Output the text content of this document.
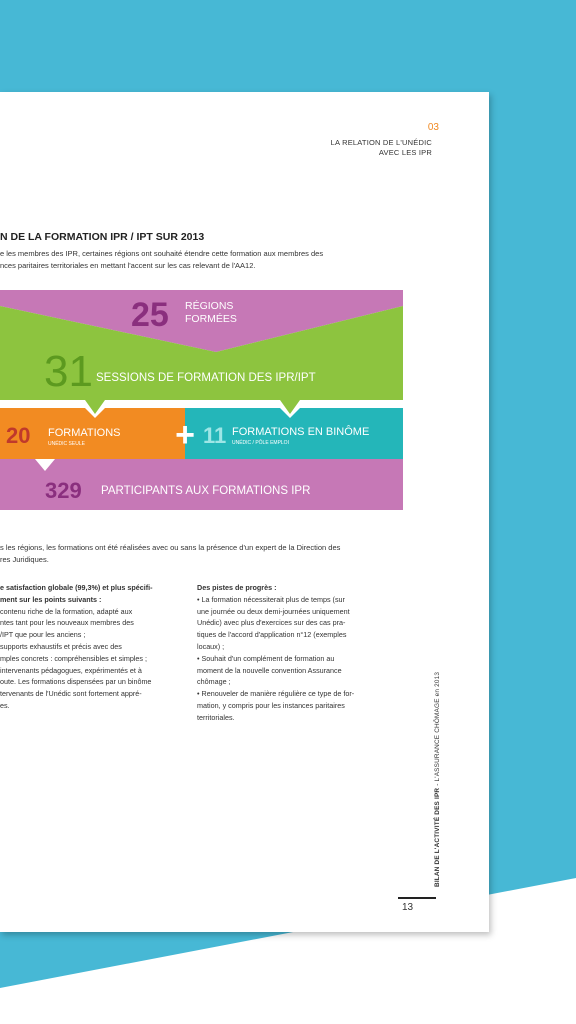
03
LA RELATION DE L'UNÉDIC
AVEC LES IPR
N DE LA FORMATION IPR / IPT SUR 2013
e les membres des IPR, certaines régions ont souhaité étendre cette formation aux membres des
nces paritaires territoriales en mettant l'accent sur les cas relevant de l'AA12.
25 RÉGIONS
FORMÉES
31 SESSIONS DE FORMATION DES IPR/IPT
20 FORMATIONS
UNÉDIC SEULE	+ 11 FORMATIONS EN BINÔME
UNÉDIC / PÔLE EMPLOI
329 PARTICIPANTS AUX FORMATIONS IPR
s les régions, les formations ont été réalisées avec ou sans la présence d'un expert de la Direction des
res Juridiques.
e satisfaction globale (99,3%) et plus spécifi-
ment sur les points suivants :
contenu riche de la formation, adapté aux
ntes tant pour les nouveaux membres des
/IPT que pour les anciens ;
supports exhaustifs et précis avec des
mples concrets : compréhensibles et simples ;
intervenants pédagogues, expérimentés et à
oute. Les formations dispensées par un binôme
tervenants de l'Unédic sont fortement appré-
es.
Des pistes de progrès :
• La formation nécessiterait plus de temps (sur
une journée ou deux demi-journées uniquement
Unédic) avec plus d'exercices sur des cas pra-
tiques de l'accord d'application n°12 (exemples
locaux) ;
• Souhait d'un complément de formation au
moment de la nouvelle convention Assurance
chômage ;
• Renouveler de manière régulière ce type de for-
mation, y compris pour les instances paritaires
territoriales.
BILAN DE L'ACTIVITÉ DES IPR - L'ASSURANCE CHÔMAGE en 2013
13
